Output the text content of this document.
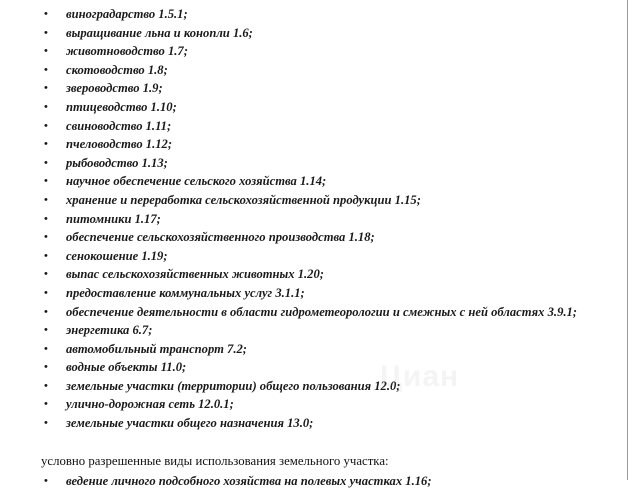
• виноградарство 1.5.1;
• выращивание льна и конопли 1.6;
• животноводство 1.7;
• скотоводство 1.8;
• звероводство 1.9;
• птицеводство 1.10;
• свиноводство 1.11;
• пчеловодство 1.12;
• рыбоводство 1.13;
• научное обеспечение сельского хозяйства 1.14;
• хранение и переработка сельскохозяйственной продукции 1.15;
• питомники 1.17;
• обеспечение сельскохозяйственного производства 1.18;
• сенокошение 1.19;
• выпас сельскохозяйственных животных 1.20;
• предоставление коммунальных услуг 3.1.1;
• обеспечение деятельности в области гидрометеорологии и смежных с ней областях 3.9.1;
• энергетика 6.7;
• автомобильный транспорт 7.2;
• водные объекты 11.0;
• земельные участки (территории) общего пользования 12.0;
• улично-дорожная сеть 12.0.1;
• земельные участки общего назначения 13.0;
условно разрешенные виды использования земельного участка:
• ведение личного подсобного хозяйства на полевых участках 1.16;
Циан
